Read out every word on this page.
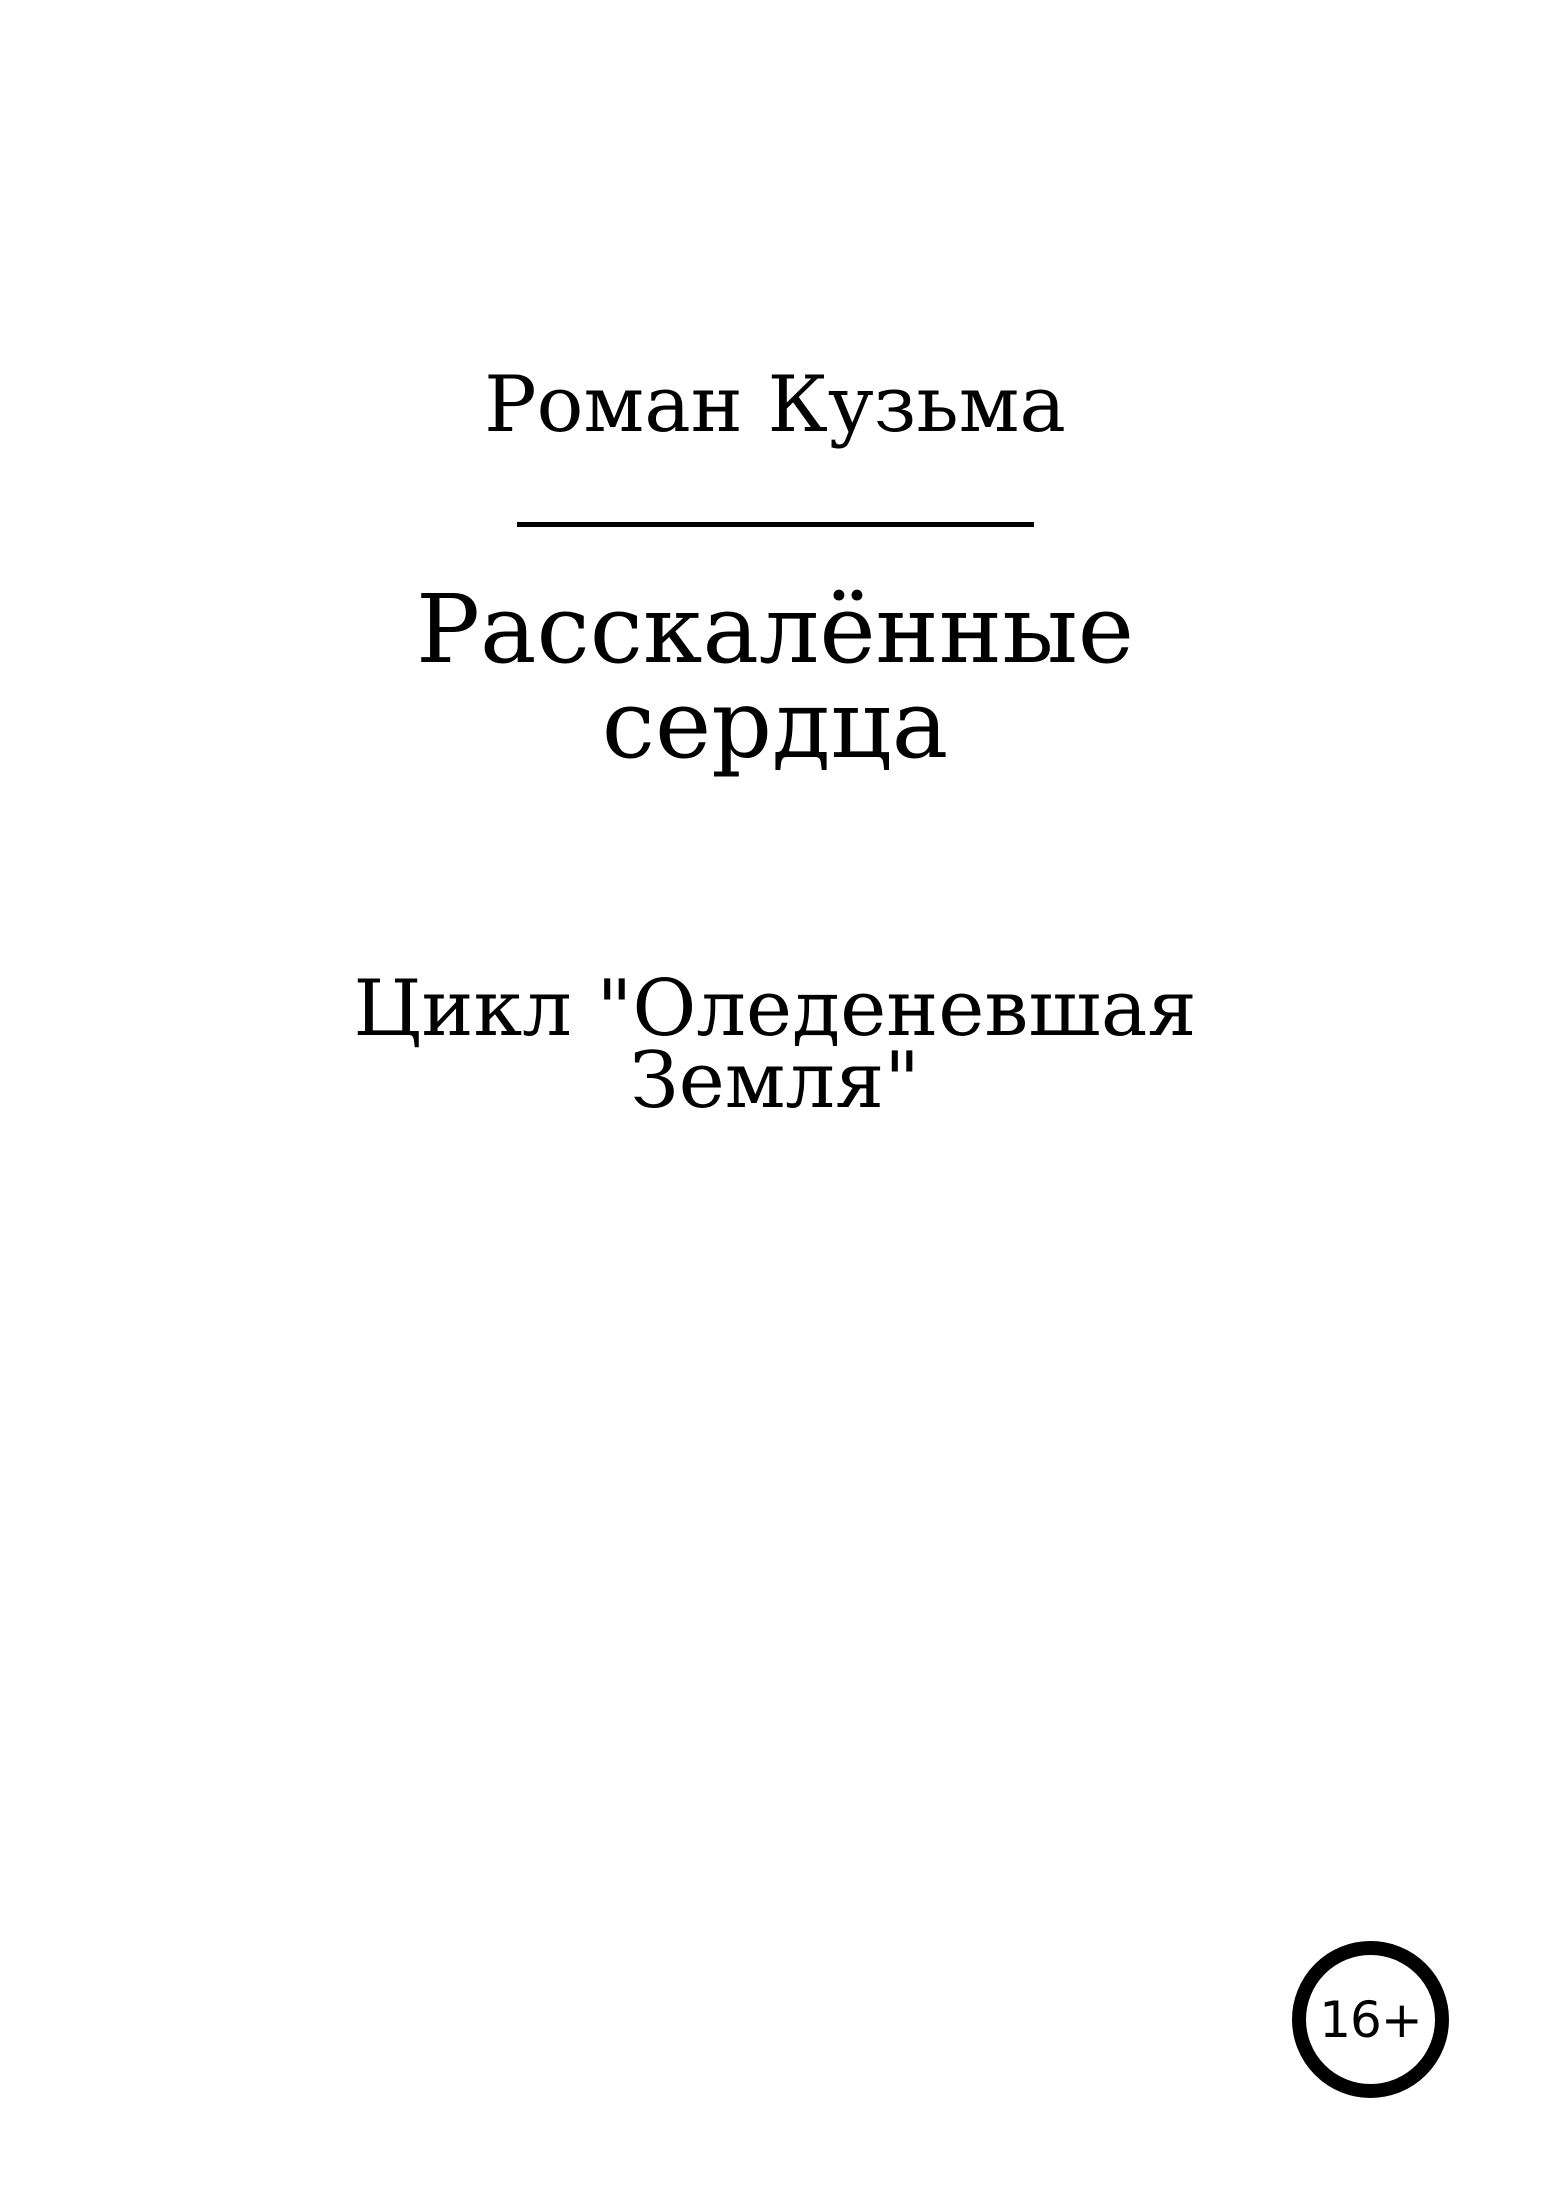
Роман Кузьма
Расскалённые
сердца
Цикл "Оледеневшая
Земля"
16+
